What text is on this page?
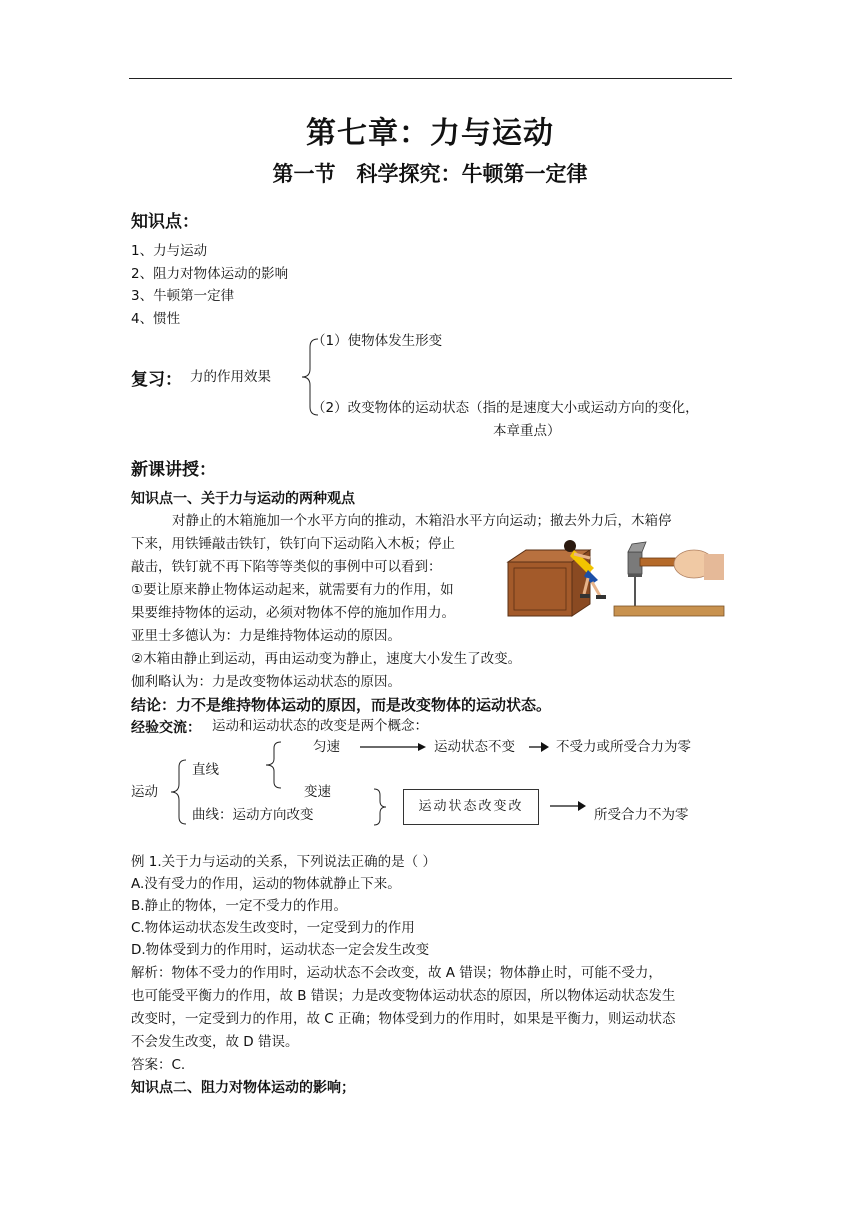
第七章：力与运动
第一节　科学探究：牛顿第一定律
知识点：
1、力与运动
2、阻力对物体运动的影响
3、牛顿第一定律
4、惯性
复习： 力的作用效果
（1）使物体发生形变
（2）改变物体的运动状态（指的是速度大小或运动方向的变化，
本章重点）
新课讲授：
知识点一、关于力与运动的两种观点
对静止的木箱施加一个水平方向的推动，木箱沿水平方向运动；撤去外力后，木箱停
下来，用铁锤敲击铁钉，铁钉向下运动陷入木板；停止
敲击，铁钉就不再下陷等等类似的事例中可以看到：
①要让原来静止物体运动起来，就需要有力的作用，如
果要维持物体的运动，必须对物体不停的施加作用力。
亚里士多德认为：力是维持物体运动的原因。
②木箱由静止到运动，再由运动变为静止，速度大小发生了改变。
伽利略认为：力是改变物体运动状态的原因。
结论：力不是维持物体运动的原因，而是改变物体的运动状态。
经验交流： 运动和运动状态的改变是两个概念：
运动
直线
曲线：运动方向改变
匀速
变速
运动状态不变	不受力或所受合力为零
运动状态改变改
所受合力不为零
例 1.关于力与运动的关系，下列说法正确的是（ ）
A.没有受力的作用，运动的物体就静止下来。
B.静止的物体，一定不受力的作用。
C.物体运动状态发生改变时，一定受到力的作用
D.物体受到力的作用时，运动状态一定会发生改变
解析：物体不受力的作用时，运动状态不会改变，故 A 错误；物体静止时，可能不受力，
也可能受平衡力的作用，故 B 错误；力是改变物体运动状态的原因，所以物体运动状态发生
改变时，一定受到力的作用，故 C 正确；物体受到力的作用时，如果是平衡力，则运动状态
不会发生改变，故 D 错误。
答案：C.
知识点二、阻力对物体运动的影响；
